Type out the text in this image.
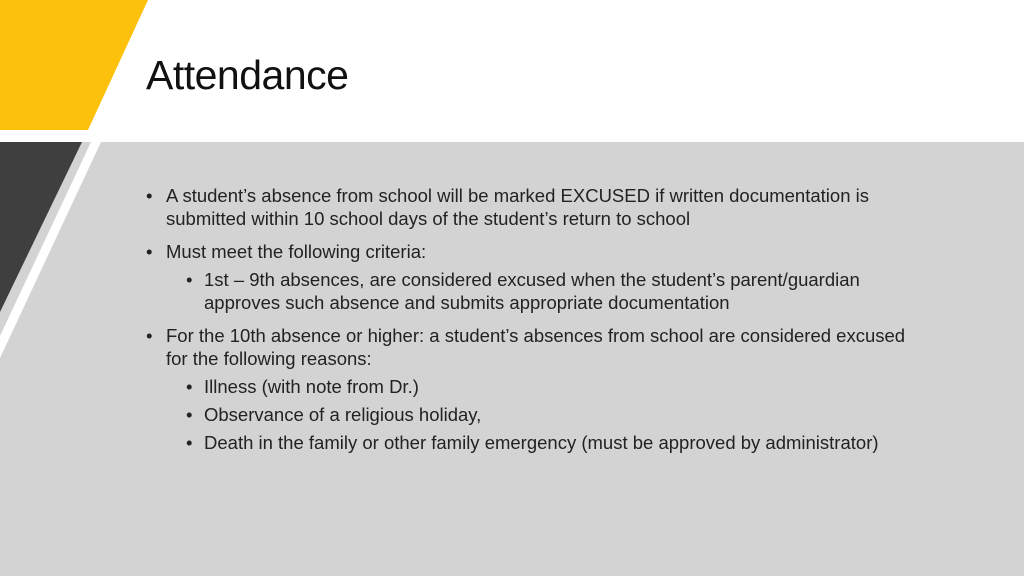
Attendance
• A student’s absence from school will be marked EXCUSED if written documentation is submitted within 10 school days of the student’s return to school
• Must meet the following criteria:
• 1st – 9th absences, are considered excused when the student’s parent/guardian approves such absence and submits appropriate documentation
• For the 10th absence or higher: a student’s absences from school are considered excused for the following reasons:
• Illness (with note from Dr.)
• Observance of a religious holiday,
• Death in the family or other family emergency (must be approved by administrator)
